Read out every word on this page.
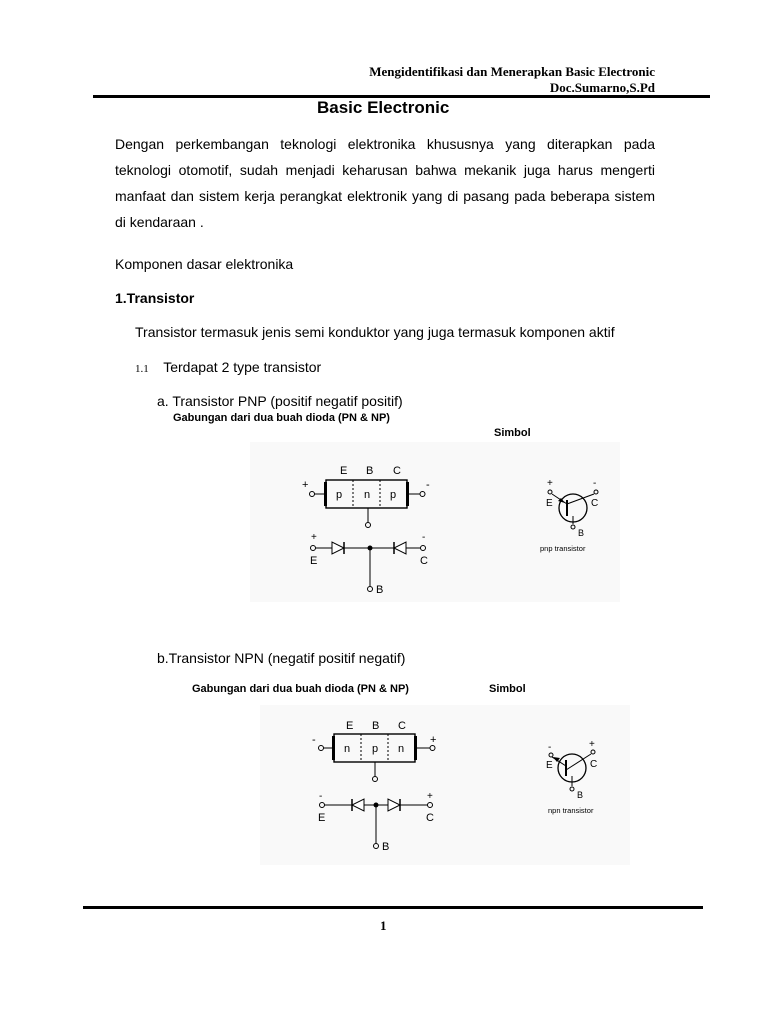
Mengidentifikasi dan Menerapkan Basic Electronic
Doc.Sumarno,S.Pd
Basic Electronic
Dengan perkembangan teknologi elektronika khususnya yang diterapkan pada teknologi otomotif, sudah menjadi keharusan bahwa mekanik juga harus mengerti manfaat dan sistem kerja perangkat elektronik yang di pasang pada beberapa sistem di kendaraan .
Komponen dasar elektronika
1.Transistor
Transistor termasuk jenis semi konduktor yang juga termasuk komponen aktif
1.1 Terdapat 2 type transistor
a. Transistor PNP (positif negatif positif)
Gabungan dari dua buah dioda (PN & NP)
Simbol
E B C
+	-
p n p
+	-
E	C
B
+	-
E	C
B
pnp transistor
b.Transistor NPN (negatif positif negatif)
Gabungan dari dua buah dioda (PN & NP)	Simbol
E B C
-	+
n p n
-	+
E	C
B
-	+
E	C
B
npn transistor
1
